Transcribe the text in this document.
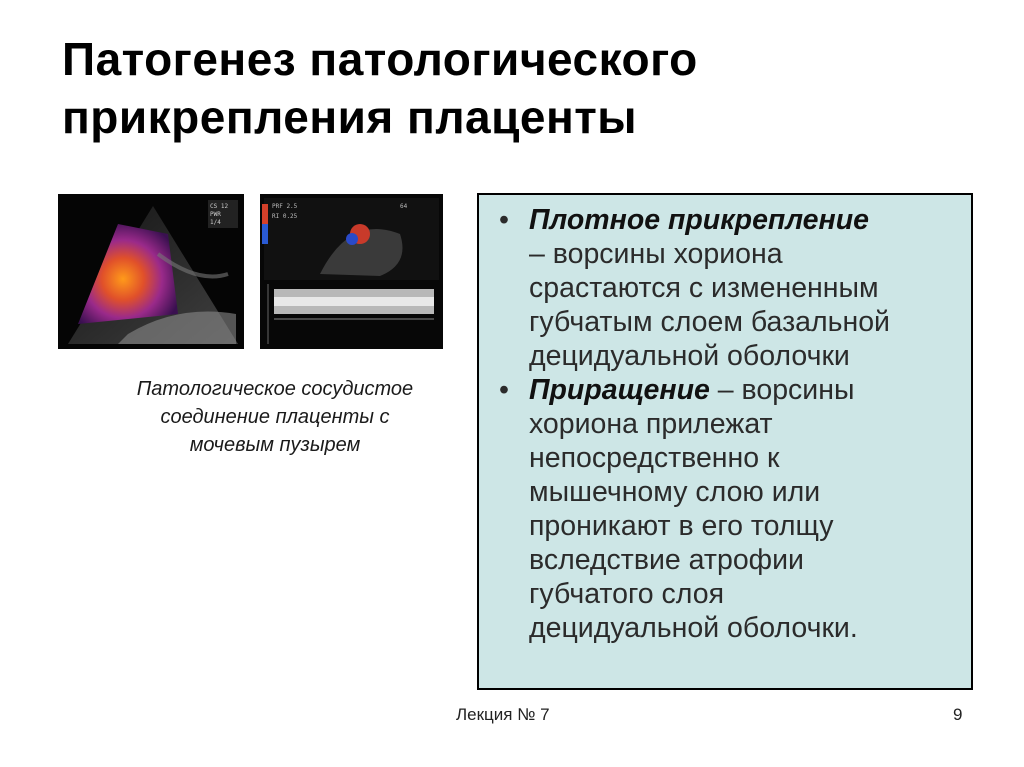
Патогенез патологического
прикрепления плаценты
CS 12
PWR
1/4
PRF 2.5
RI 0.25
64
Патологическое сосудистое
соединение плаценты с
мочевым пузырем
• Плотное прикрепление
– ворсины хориона
срастаются с измененным
губчатым слоем базальной
децидуальной оболочки
• Приращение – ворсины
хориона прилежат
непосредственно к
мышечному слою или
проникают в его толщу
вследствие атрофии
губчатого слоя
децидуальной оболочки.
Лекция № 7	9
